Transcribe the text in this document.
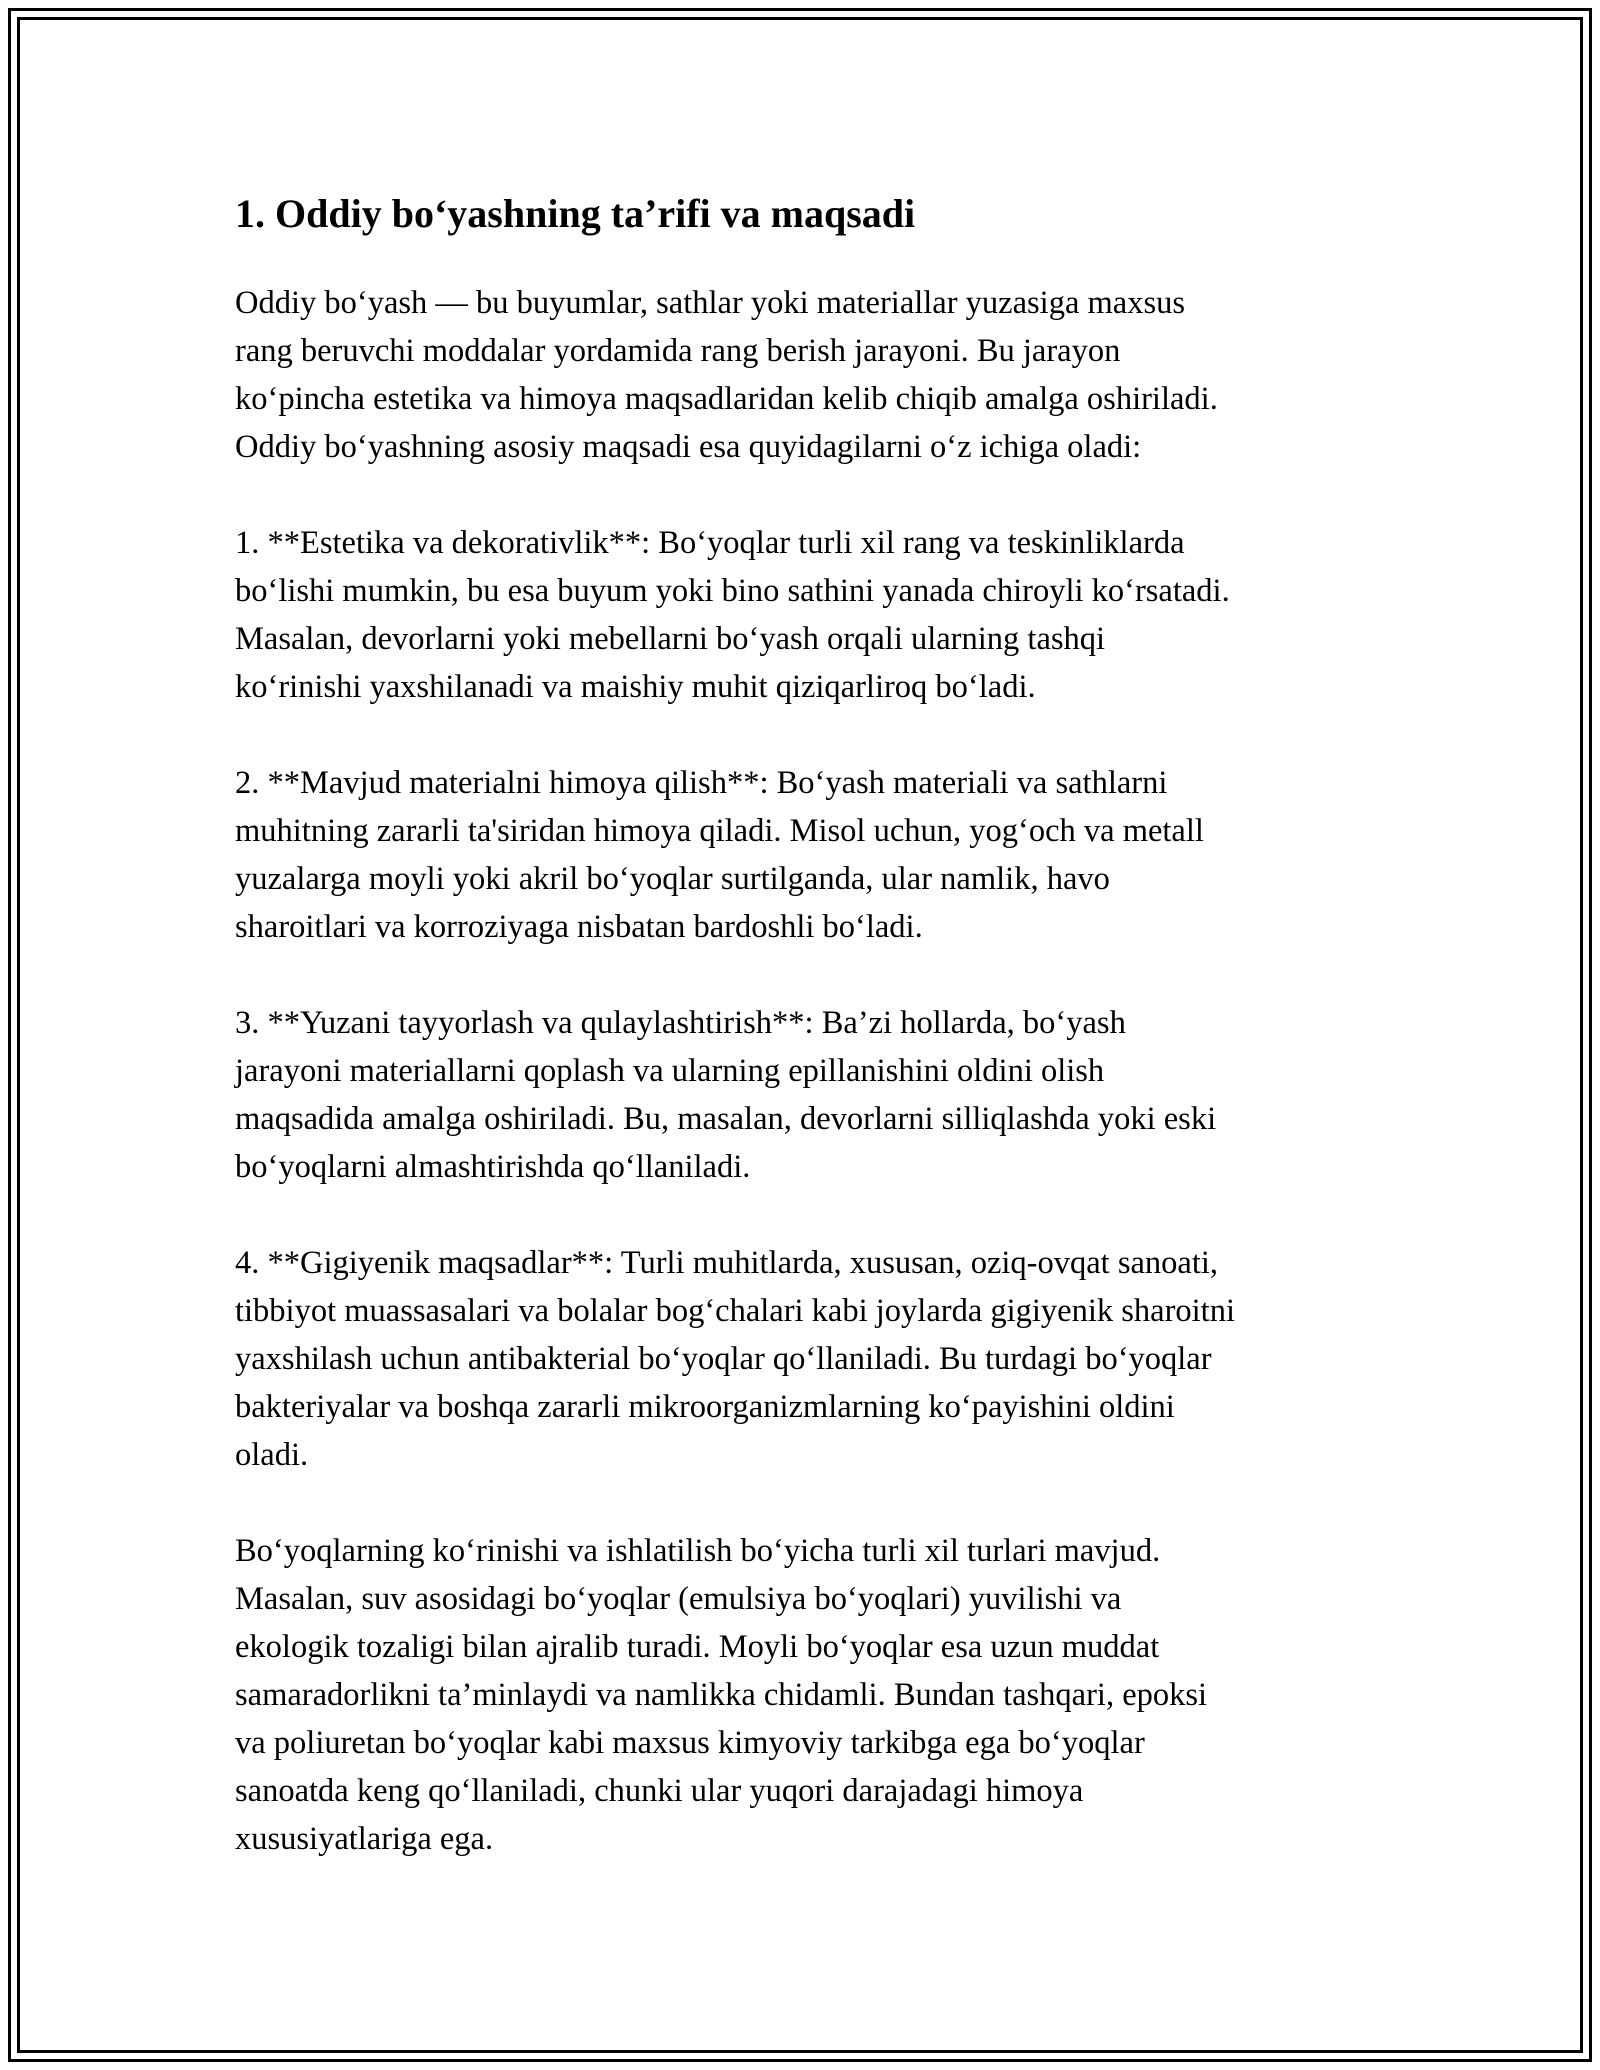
1. Oddiy bo‘yashning ta’rifi va maqsadi

Oddiy bo‘yash — bu buyumlar, sathlar yoki materiallar yuzasiga maxsus
rang beruvchi moddalar yordamida rang berish jarayoni. Bu jarayon
ko‘pincha estetika va himoya maqsadlaridan kelib chiqib amalga oshiriladi.
Oddiy bo‘yashning asosiy maqsadi esa quyidagilarni o‘z ichiga oladi:

1. **Estetika va dekorativlik**: Bo‘yoqlar turli xil rang va teskinliklarda
bo‘lishi mumkin, bu esa buyum yoki bino sathini yanada chiroyli ko‘rsatadi.
Masalan, devorlarni yoki mebellarni bo‘yash orqali ularning tashqi
ko‘rinishi yaxshilanadi va maishiy muhit qiziqarliroq bo‘ladi.

2. **Mavjud materialni himoya qilish**: Bo‘yash materiali va sathlarni
muhitning zararli ta'siridan himoya qiladi. Misol uchun, yog‘och va metall
yuzalarga moyli yoki akril bo‘yoqlar surtilganda, ular namlik, havo
sharoitlari va korroziyaga nisbatan bardoshli bo‘ladi.

3. **Yuzani tayyorlash va qulaylashtirish**: Ba’zi hollarda, bo‘yash
jarayoni materiallarni qoplash va ularning epillanishini oldini olish
maqsadida amalga oshiriladi. Bu, masalan, devorlarni silliqlashda yoki eski
bo‘yoqlarni almashtirishda qo‘llaniladi.

4. **Gigiyenik maqsadlar**: Turli muhitlarda, xususan, oziq-ovqat sanoati,
tibbiyot muassasalari va bolalar bog‘chalari kabi joylarda gigiyenik sharoitni
yaxshilash uchun antibakterial bo‘yoqlar qo‘llaniladi. Bu turdagi bo‘yoqlar
bakteriyalar va boshqa zararli mikroorganizmlarning ko‘payishini oldini
oladi.

Bo‘yoqlarning ko‘rinishi va ishlatilish bo‘yicha turli xil turlari mavjud.
Masalan, suv asosidagi bo‘yoqlar (emulsiya bo‘yoqlari) yuvilishi va
ekologik tozaligi bilan ajralib turadi. Moyli bo‘yoqlar esa uzun muddat
samaradorlikni ta’minlaydi va namlikka chidamli. Bundan tashqari, epoksi
va poliuretan bo‘yoqlar kabi maxsus kimyoviy tarkibga ega bo‘yoqlar
sanoatda keng qo‘llaniladi, chunki ular yuqori darajadagi himoya
xususiyatlariga ega.
